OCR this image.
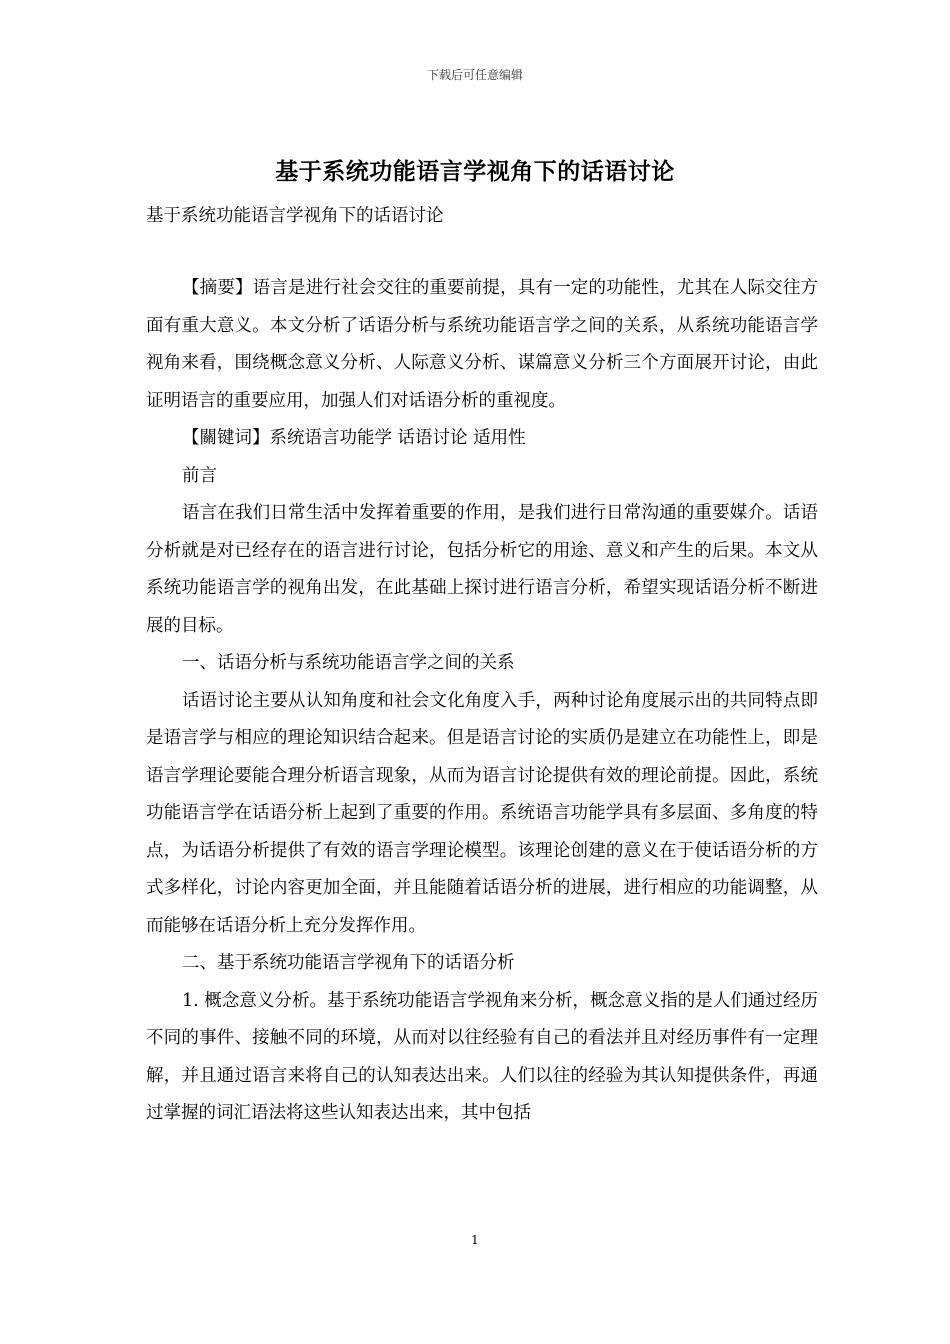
下载后可任意编辑
基于系统功能语言学视角下的话语讨论
基于系统功能语言学视角下的话语讨论

【摘要】语言是进行社会交往的重要前提，具有一定的功能性，尤其在人际交往方面有重大意义。本文分析了话语分析与系统功能语言学之间的关系，从系统功能语言学视角来看，围绕概念意义分析、人际意义分析、谋篇意义分析三个方面展开讨论，由此证明语言的重要应用，加强人们对话语分析的重视度。

【關键词】系统语言功能学 话语讨论 适用性

前言

语言在我们日常生活中发挥着重要的作用，是我们进行日常沟通的重要媒介。话语分析就是对已经存在的语言进行讨论，包括分析它的用途、意义和产生的后果。本文从系统功能语言学的视角出发，在此基础上探讨进行语言分析，希望实现话语分析不断进展的目标。

一、话语分析与系统功能语言学之间的关系

话语讨论主要从认知角度和社会文化角度入手，两种讨论角度展示出的共同特点即是语言学与相应的理论知识结合起来。但是语言讨论的实质仍是建立在功能性上，即是语言学理论要能合理分析语言现象，从而为语言讨论提供有效的理论前提。因此，系统功能语言学在话语分析上起到了重要的作用。系统语言功能学具有多层面、多角度的特点，为话语分析提供了有效的语言学理论模型。该理论创建的意义在于使话语分析的方式多样化，讨论内容更加全面，并且能随着话语分析的进展，进行相应的功能调整，从而能够在话语分析上充分发挥作用。

二、基于系统功能语言学视角下的话语分析

1. 概念意义分析。基于系统功能语言学视角来分析，概念意义指的是人们通过经历不同的事件、接触不同的环境，从而对以往经验有自己的看法并且对经历事件有一定理解，并且通过语言来将自己的认知表达出来。人们以往的经验为其认知提供条件，再通过掌握的词汇语法将这些认知表达出来，其中包括

1
